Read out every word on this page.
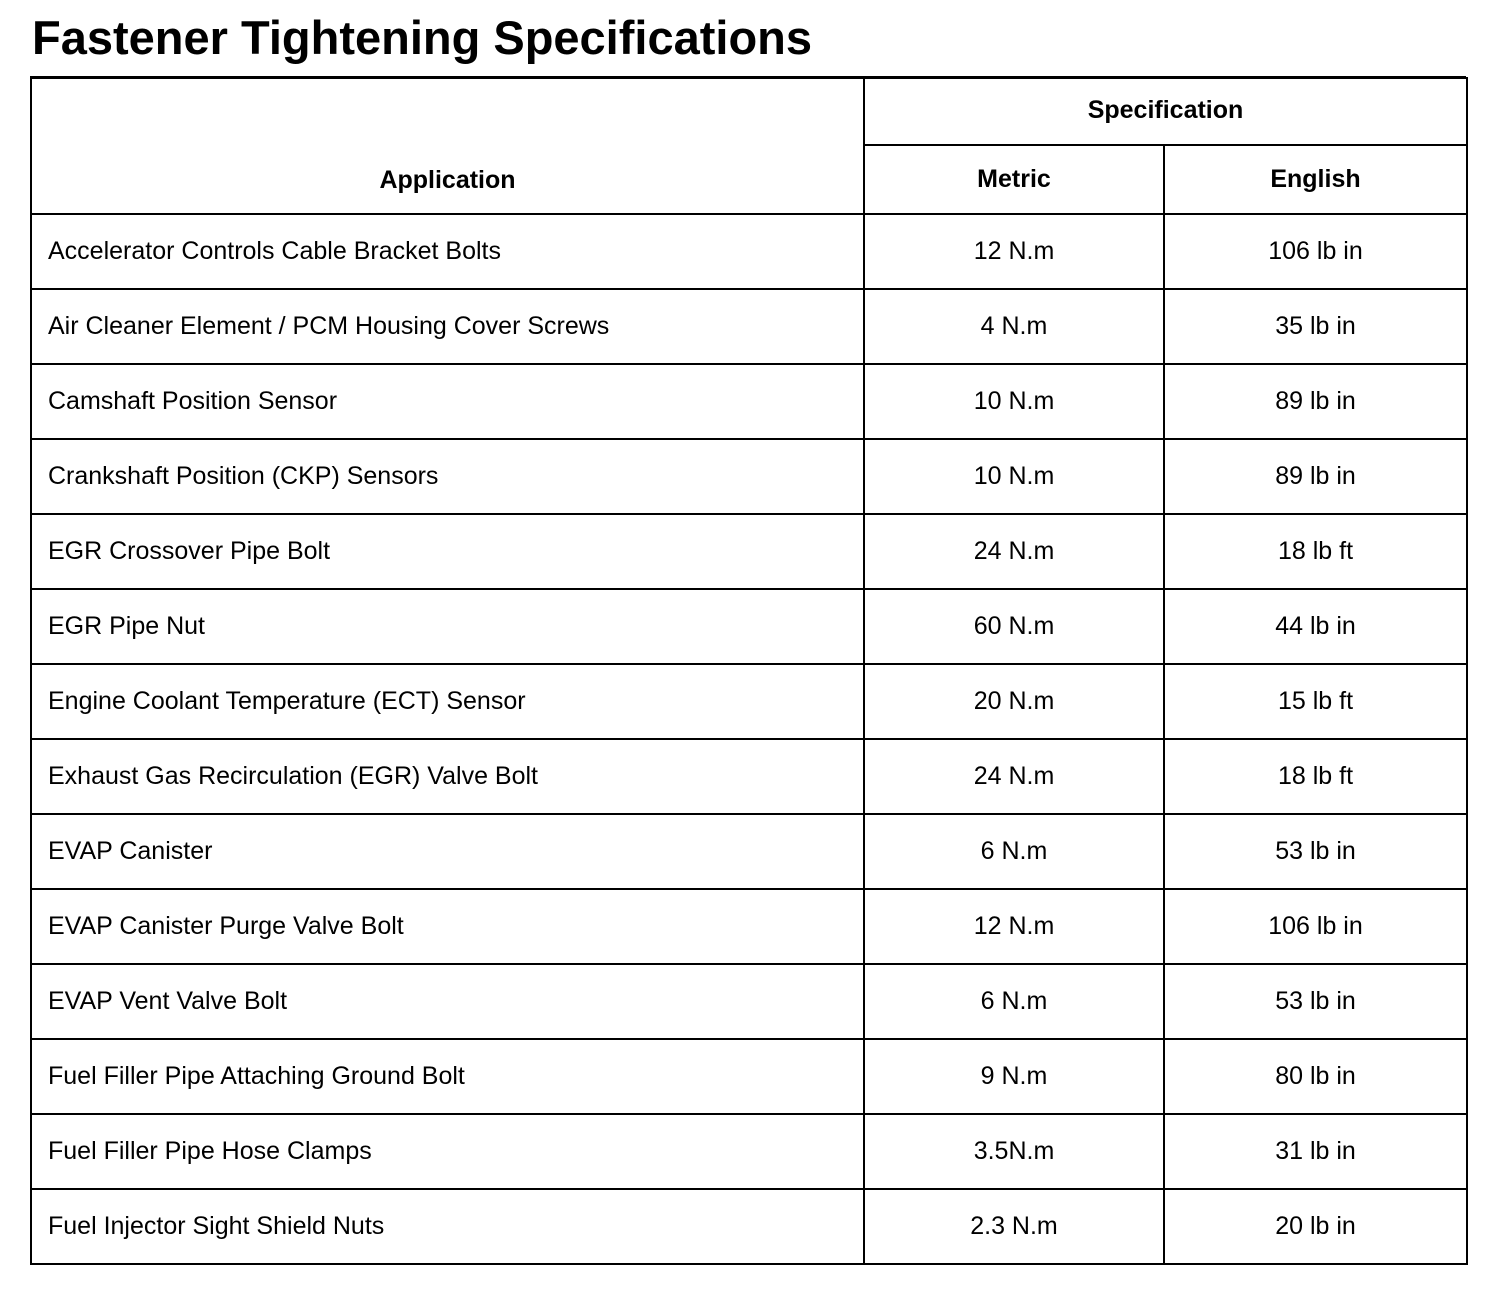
Fastener Tightening Specifications
Application	Specification	
	Metric	English
Accelerator Controls Cable Bracket Bolts	12 N.m	106 lb in
Air Cleaner Element / PCM Housing Cover Screws	4 N.m	35 lb in
Camshaft Position Sensor	10 N.m	89 lb in
Crankshaft Position (CKP) Sensors	10 N.m	89 lb in
EGR Crossover Pipe Bolt	24 N.m	18 lb ft
EGR Pipe Nut	60 N.m	44 lb in
Engine Coolant Temperature (ECT) Sensor	20 N.m	15 lb ft
Exhaust Gas Recirculation (EGR) Valve Bolt	24 N.m	18 lb ft
EVAP Canister	6 N.m	53 lb in
EVAP Canister Purge Valve Bolt	12 N.m	106 lb in
EVAP Vent Valve Bolt	6 N.m	53 lb in
Fuel Filler Pipe Attaching Ground Bolt	9 N.m	80 lb in
Fuel Filler Pipe Hose Clamps	3.5N.m	31 lb in
Fuel Injector Sight Shield Nuts	2.3 N.m	20 lb in
